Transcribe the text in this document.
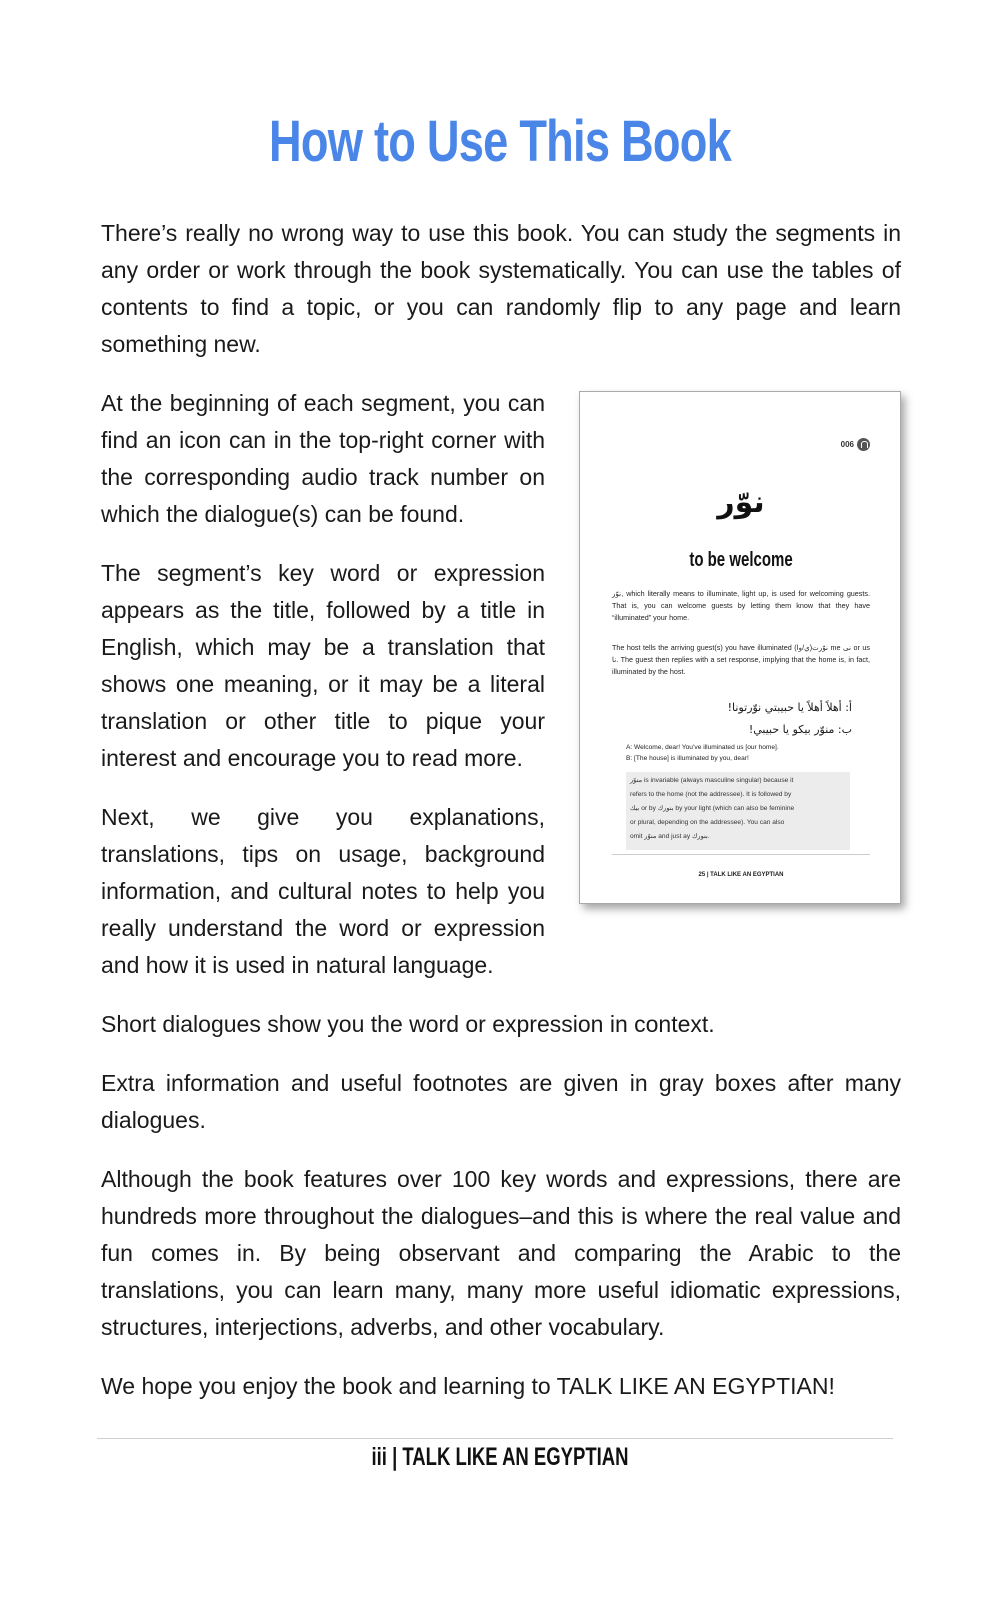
How to Use This Book

There’s really no wrong way to use this book. You can study the segments in any order or work through the book systematically. You can use the tables of contents to find a topic, or you can randomly flip to any page and learn something new.

006
نوّر
to be welcome
نوّر, which literally means to illuminate, light up, is used for welcoming guests. That is, you can welcome guests by letting them know that they have “illuminated” your home.
The host tells the arriving guest(s) you have illuminated (نوّرت(ي/وا me نى or us نا. The guest then replies with a set response, implying that the home is, in fact, illuminated by the host.
أ: أهلاً أهلاً يا حبيبتي نوّرتونا!
ب: منوّر بيكو يا حبيبي!
A: Welcome, dear! You’ve illuminated us [our home].
B: [The house] is illuminated by you, dear!
منوّر is invariable (always masculine singular) because it
refers to the home (not the addressee). It is followed by
بيك or by بنورك by your light (which can also be feminine
or plural, depending on the addressee). You can also
omit منوّر and just ay بنورك.
25 | TALK LIKE AN EGYPTIAN

At the beginning of each segment, you can find an icon can in the top-right corner with the corresponding audio track number on which the dialogue(s) can be found.

The segment’s key word or expression appears as the title, followed by a title in English, which may be a translation that shows one meaning, or it may be a literal translation or other title to pique your interest and encourage you to read more.

Next, we give you explanations, translations, tips on usage, background information, and cultural notes to help you really understand the word or expression and how it is used in natural language.

Short dialogues show you the word or expression in context.

Extra information and useful footnotes are given in gray boxes after many dialogues.

Although the book features over 100 key words and expressions, there are hundreds more throughout the dialogues–and this is where the real value and fun comes in. By being observant and comparing the Arabic to the translations, you can learn many, many more useful idiomatic expressions, structures, interjections, adverbs, and other vocabulary.

We hope you enjoy the book and learning to TALK LIKE AN EGYPTIAN!

iii | TALK LIKE AN EGYPTIAN
